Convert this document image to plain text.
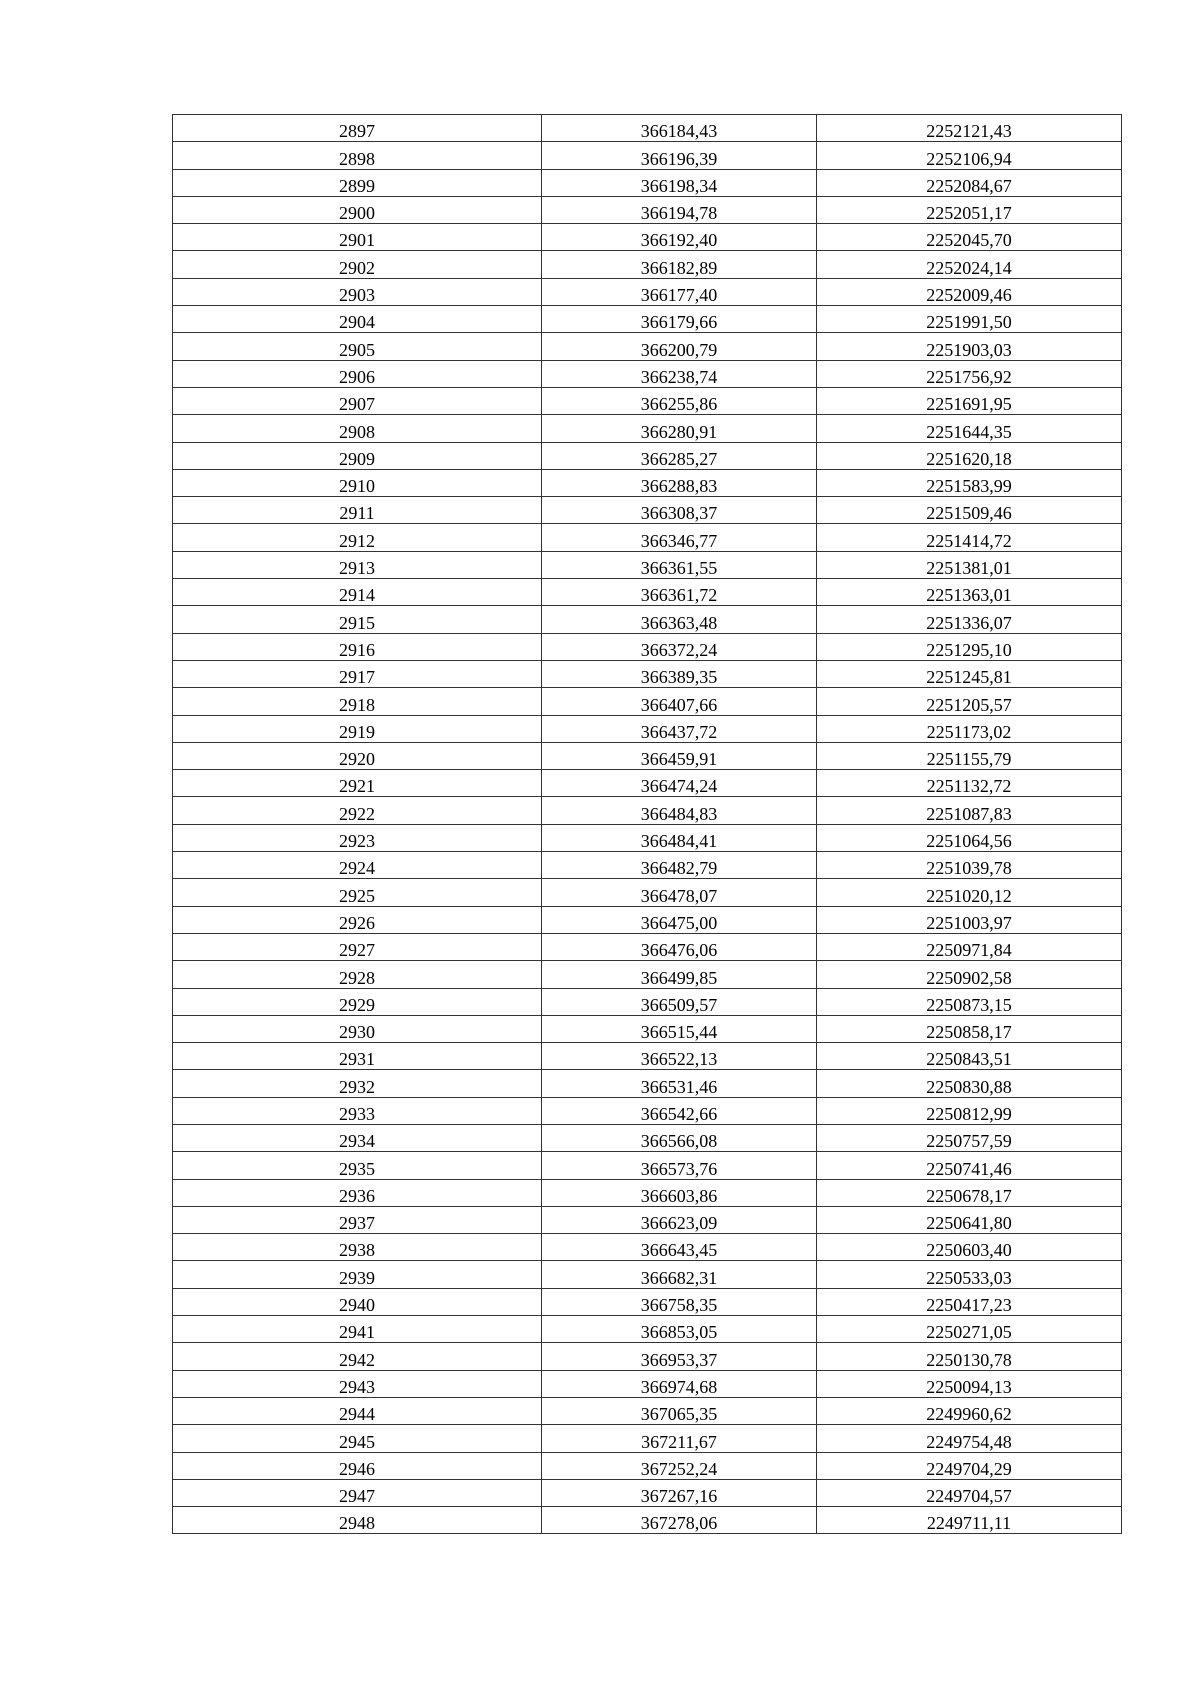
2897	366184,43	2252121,43
2898	366196,39	2252106,94
2899	366198,34	2252084,67
2900	366194,78	2252051,17
2901	366192,40	2252045,70
2902	366182,89	2252024,14
2903	366177,40	2252009,46
2904	366179,66	2251991,50
2905	366200,79	2251903,03
2906	366238,74	2251756,92
2907	366255,86	2251691,95
2908	366280,91	2251644,35
2909	366285,27	2251620,18
2910	366288,83	2251583,99
2911	366308,37	2251509,46
2912	366346,77	2251414,72
2913	366361,55	2251381,01
2914	366361,72	2251363,01
2915	366363,48	2251336,07
2916	366372,24	2251295,10
2917	366389,35	2251245,81
2918	366407,66	2251205,57
2919	366437,72	2251173,02
2920	366459,91	2251155,79
2921	366474,24	2251132,72
2922	366484,83	2251087,83
2923	366484,41	2251064,56
2924	366482,79	2251039,78
2925	366478,07	2251020,12
2926	366475,00	2251003,97
2927	366476,06	2250971,84
2928	366499,85	2250902,58
2929	366509,57	2250873,15
2930	366515,44	2250858,17
2931	366522,13	2250843,51
2932	366531,46	2250830,88
2933	366542,66	2250812,99
2934	366566,08	2250757,59
2935	366573,76	2250741,46
2936	366603,86	2250678,17
2937	366623,09	2250641,80
2938	366643,45	2250603,40
2939	366682,31	2250533,03
2940	366758,35	2250417,23
2941	366853,05	2250271,05
2942	366953,37	2250130,78
2943	366974,68	2250094,13
2944	367065,35	2249960,62
2945	367211,67	2249754,48
2946	367252,24	2249704,29
2947	367267,16	2249704,57
2948	367278,06	2249711,11
